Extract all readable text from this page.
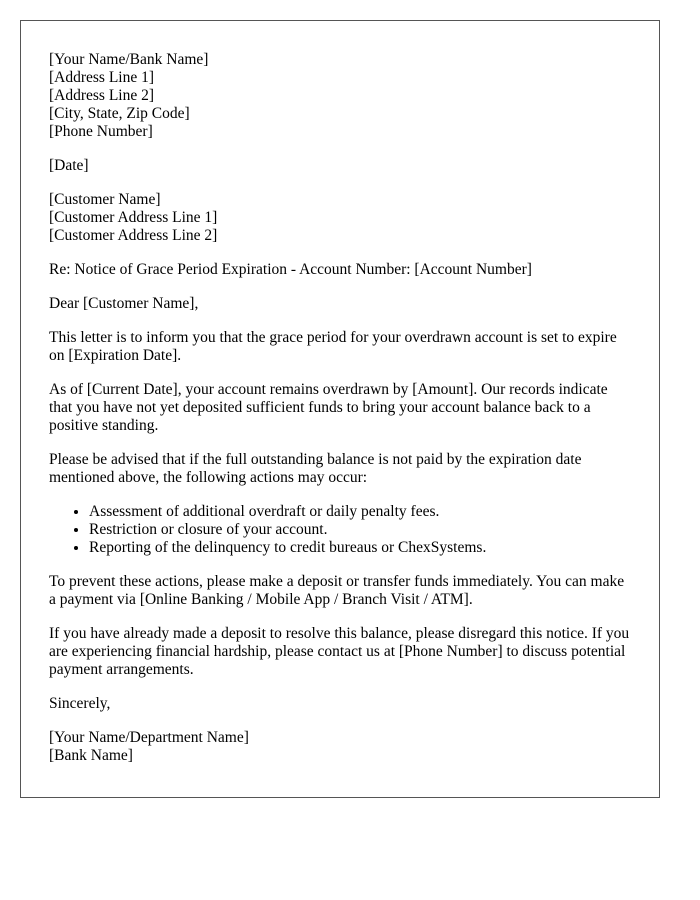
[Your Name/Bank Name]
[Address Line 1]
[Address Line 2]
[City, State, Zip Code]
[Phone Number]
[Date]
[Customer Name]
[Customer Address Line 1]
[Customer Address Line 2]

Re: Notice of Grace Period Expiration - Account Number: [Account Number]

Dear [Customer Name],

This letter is to inform you that the grace period for your overdrawn account is set to expire on [Expiration Date].

As of [Current Date], your account remains overdrawn by [Amount]. Our records indicate that you have not yet deposited sufficient funds to bring your account balance back to a positive standing.

Please be advised that if the full outstanding balance is not paid by the expiration date mentioned above, the following actions may occur:

• Assessment of additional overdraft or daily penalty fees.
• Restriction or closure of your account.
• Reporting of the delinquency to credit bureaus or ChexSystems.

To prevent these actions, please make a deposit or transfer funds immediately. You can make a payment via [Online Banking / Mobile App / Branch Visit / ATM].

If you have already made a deposit to resolve this balance, please disregard this notice. If you are experiencing financial hardship, please contact us at [Phone Number] to discuss potential payment arrangements.

Sincerely,

[Your Name/Department Name]
[Bank Name]
